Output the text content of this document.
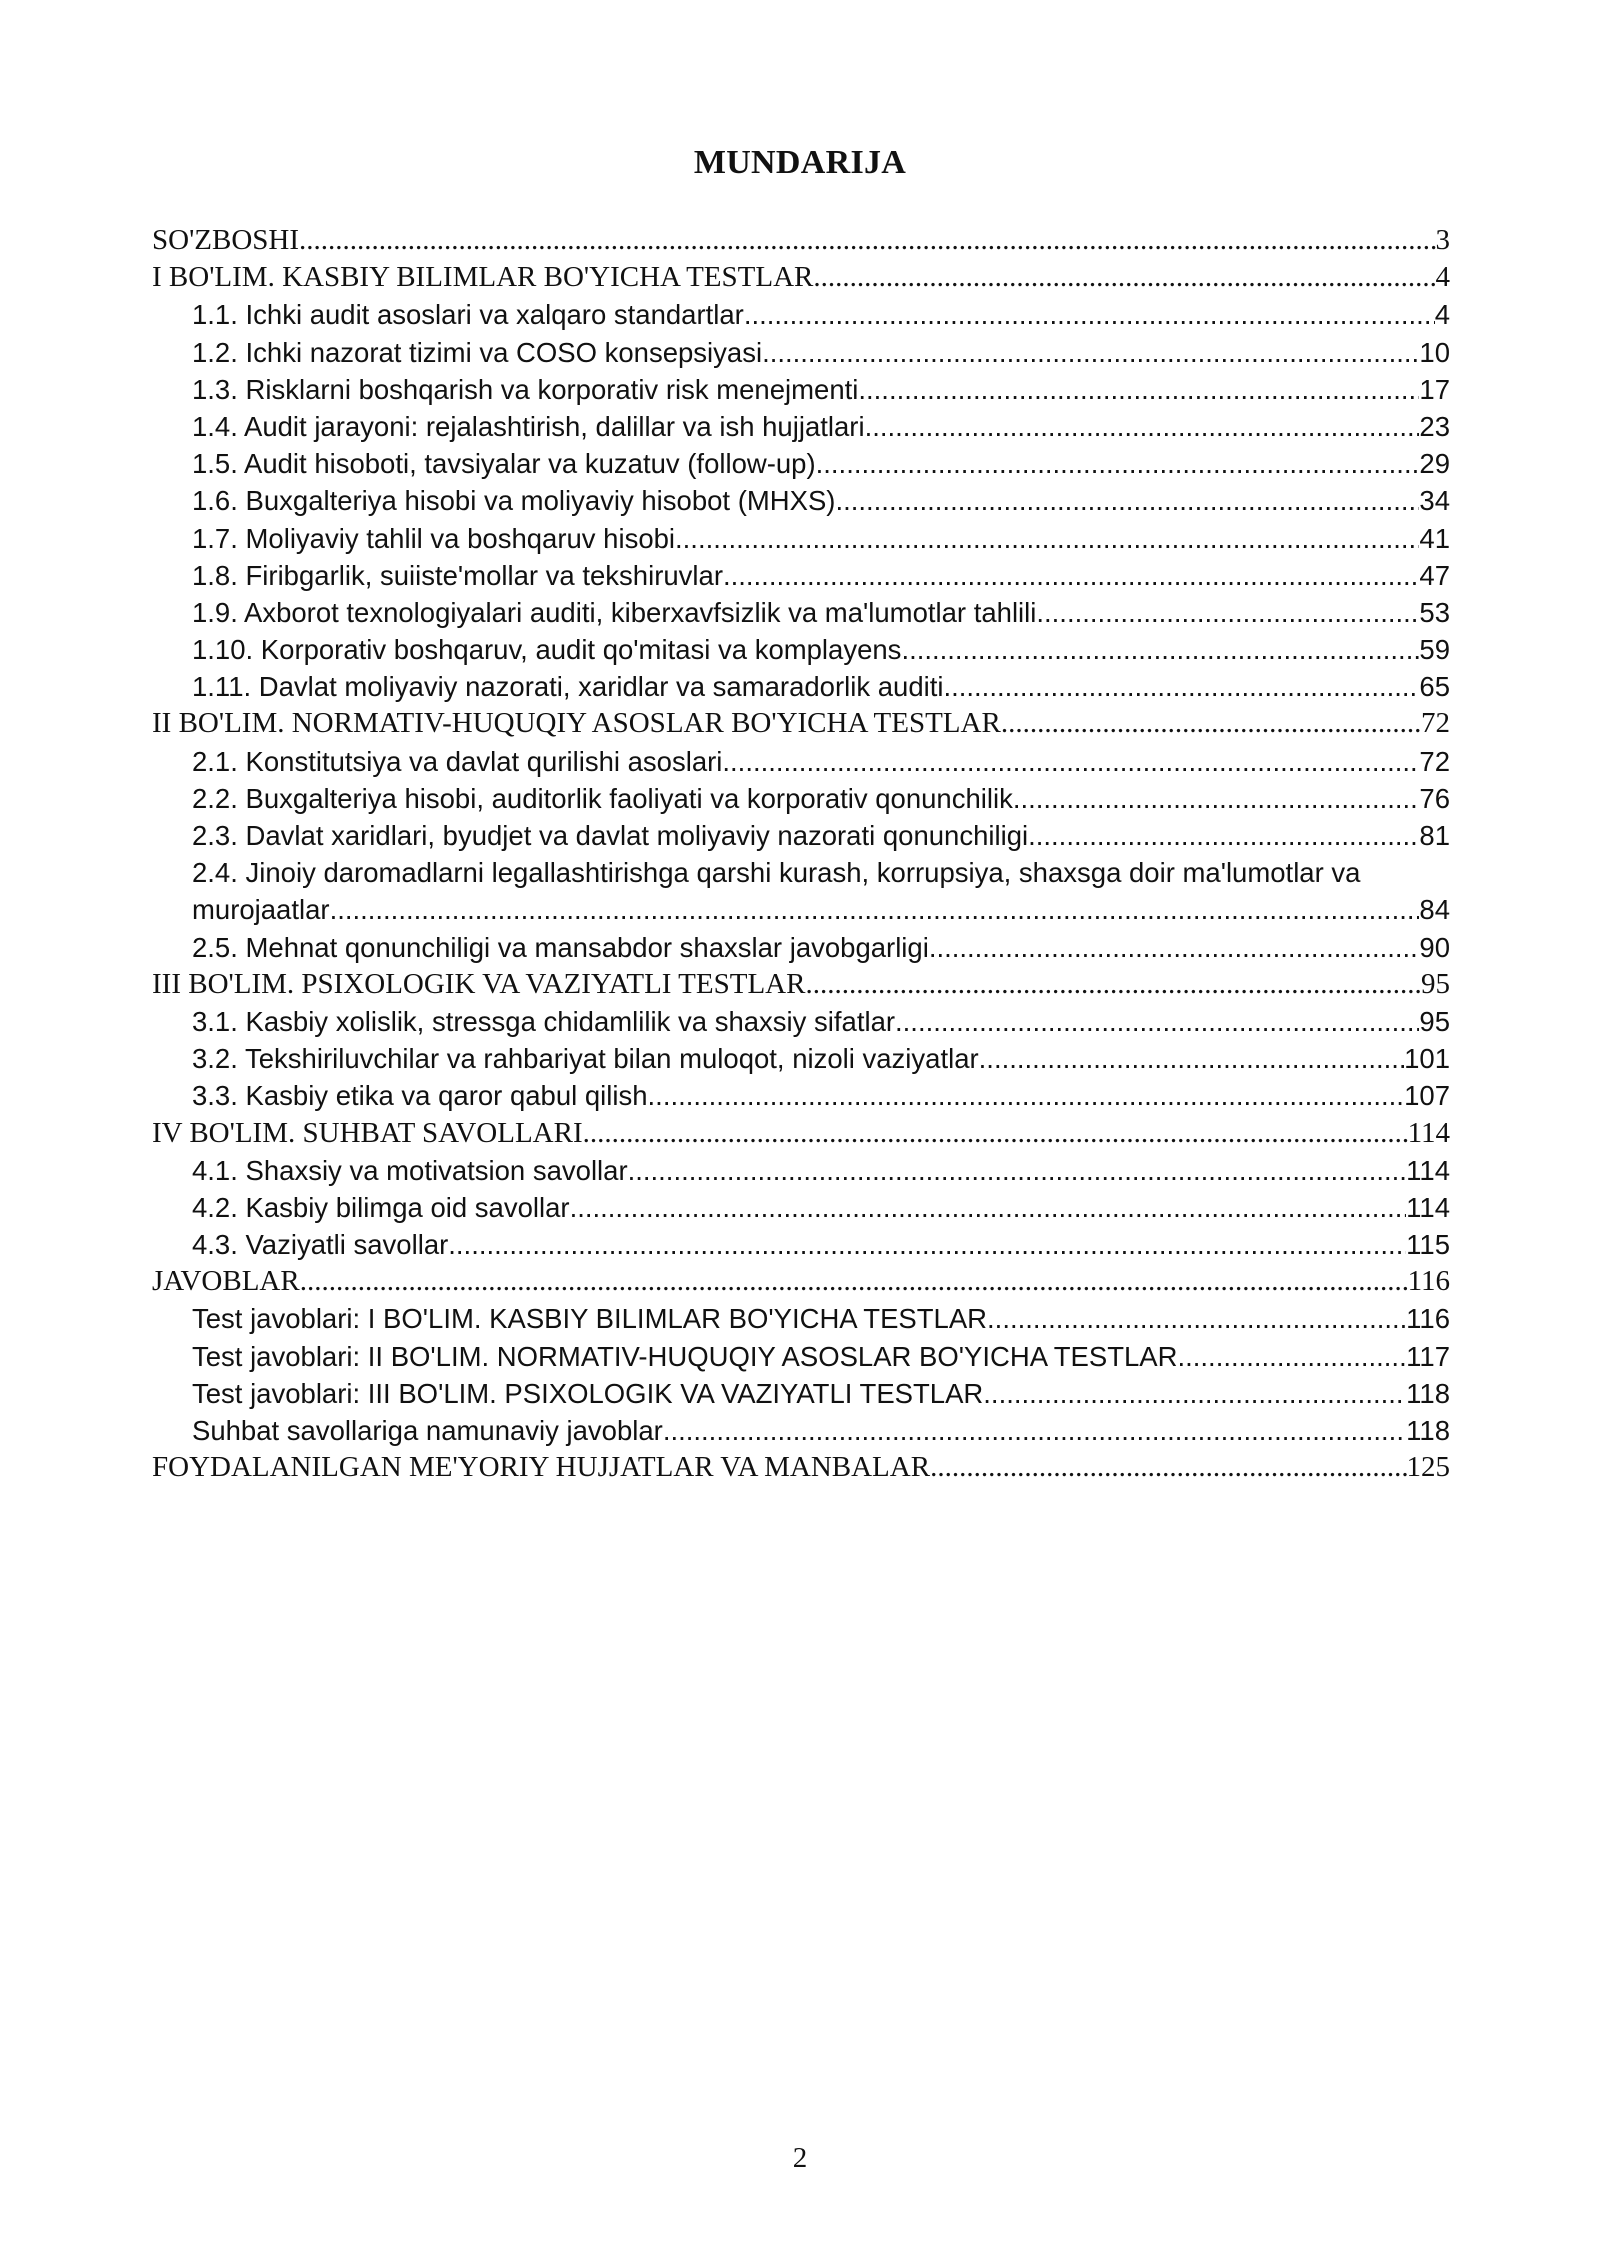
MUNDARIJA
SO'ZBOSHI .....	3
I BO'LIM. KASBIY BILIMLAR BO'YICHA TESTLAR .....	4
1.1. Ichki audit asoslari va xalqaro standartlar .....	4
1.2. Ichki nazorat tizimi va COSO konsepsiyasi .....	10
1.3. Risklarni boshqarish va korporativ risk menejmenti .....	17
1.4. Audit jarayoni: rejalashtirish, dalillar va ish hujjatlari .....	23
1.5. Audit hisoboti, tavsiyalar va kuzatuv (follow-up) .....	29
1.6. Buxgalteriya hisobi va moliyaviy hisobot (MHXS) .....	34
1.7. Moliyaviy tahlil va boshqaruv hisobi .....	41
1.8. Firibgarlik, suiiste'mollar va tekshiruvlar .....	47
1.9. Axborot texnologiyalari auditi, kiberxavfsizlik va ma'lumotlar tahlili .....	53
1.10. Korporativ boshqaruv, audit qo'mitasi va komplayens .....	59
1.11. Davlat moliyaviy nazorati, xaridlar va samaradorlik auditi .....	65
II BO'LIM. NORMATIV-HUQUQIY ASOSLAR BO'YICHA TESTLAR .....	72
2.1. Konstitutsiya va davlat qurilishi asoslari .....	72
2.2. Buxgalteriya hisobi, auditorlik faoliyati va korporativ qonunchilik .....	76
2.3. Davlat xaridlari, byudjet va davlat moliyaviy nazorati qonunchiligi .....	81
2.4. Jinoiy daromadlarni legallashtirishga qarshi kurash, korrupsiya, shaxsga doir ma'lumotlar va
murojaatlar .....	84
2.5. Mehnat qonunchiligi va mansabdor shaxslar javobgarligi .....	90
III BO'LIM. PSIXOLOGIK VA VAZIYATLI TESTLAR .....	95
3.1. Kasbiy xolislik, stressga chidamlilik va shaxsiy sifatlar .....	95
3.2. Tekshiriluvchilar va rahbariyat bilan muloqot, nizoli vaziyatlar .....	101
3.3. Kasbiy etika va qaror qabul qilish .....	107
IV BO'LIM. SUHBAT SAVOLLARI .....	114
4.1. Shaxsiy va motivatsion savollar .....	114
4.2. Kasbiy bilimga oid savollar .....	114
4.3. Vaziyatli savollar .....	115
JAVOBLAR .....	116
Test javoblari: I BO'LIM. KASBIY BILIMLAR BO'YICHA TESTLAR .....	116
Test javoblari: II BO'LIM. NORMATIV-HUQUQIY ASOSLAR BO'YICHA TESTLAR .....	117
Test javoblari: III BO'LIM. PSIXOLOGIK VA VAZIYATLI TESTLAR .....	118
Suhbat savollariga namunaviy javoblar .....	118
FOYDALANILGAN ME'YORIY HUJJATLAR VA MANBALAR .....	125
2
